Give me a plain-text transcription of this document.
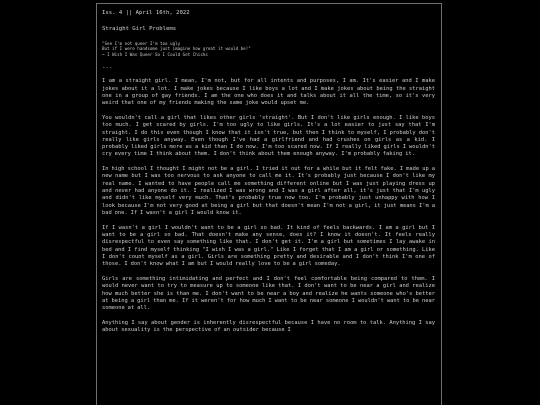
Iss. 4 || April 16th, 2022
Straight Girl Problems
"See I'm not queer I'm too ugly
But if I were handsome just imagine how great it would be!"
~ I Wish I Was Queer So I Could Get Chicks
---

I am a straight girl. I mean, I'm not, but for all intents and purposes, I am. It's easier and I make jokes about it a lot. I make jokes because I like boys a lot and I make jokes about being the straight one in a group of gay friends. I am the one who does it and talks about it all the time, so it's very weird that one of my friends making the same joke would upset me.

You wouldn't call a girl that likes other girls 'straight'. But I don't like girls enough. I like boys too much. I get scared by girls. I'm too ugly to like girls. It's a lot easier to just say that I'm straight. I do this even though I know that it isn't true, but then I think to myself, I probably don't really like girls anyway. Even though I've had a girlfriend and had crushes on girls as a kid. I probably liked girls more as a kid than I do now. I'm too scared now. If I really liked girls I wouldn't cry every time I think about them. I don't think about them enough anyway. I'm probably faking it.

In high school I thought I might not be a girl. I tried it out for a while but it felt fake. I made up a new name but I was too nervous to ask anyone to call me it. It's probably just because I don't like my real name. I wanted to have people call me something different online but I was just playing dress up and never had anyone do it. I realized I was wrong and I was a girl after all, it's just that I'm ugly and didn't like myself very much. That's probably true now too. I'm probably just unhappy with how I look because I'm not very good at being a girl but that doesn't mean I'm not a girl, it just means I'm a bad one. If I wasn't a girl I would know it.

If I wasn't a girl I wouldn't want to be a girl so bad. It kind of feels backwards. I am a girl but I want to be a girl so bad. That doesn't make any sense, does it? I know it doesn't. It feels really disrespectful to even say something like that. I don't get it. I'm a girl but sometimes I lay awake in bed and I find myself thinking "I wish I was a girl." Like I forget that I am a girl or something. Like I don't count myself as a girl. Girls are something pretty and desirable and I don't think I'm one of those. I don't know what I am but I would really love to be a girl someday.

Girls are something intimidating and perfect and I don't feel comfortable being compared to them. I would never want to try to measure up to someone like that. I don't want to be near a girl and realize how much better she is than me. I don't want to be near a boy and realize he wants someone who's better at being a girl than me. If it weren't for how much I want to be near someone I wouldn't want to be near someone at all.

Anything I say about gender is inherently disrespectful because I have no room to talk. Anything I say about sexuality is the perspective of an outsider because I
